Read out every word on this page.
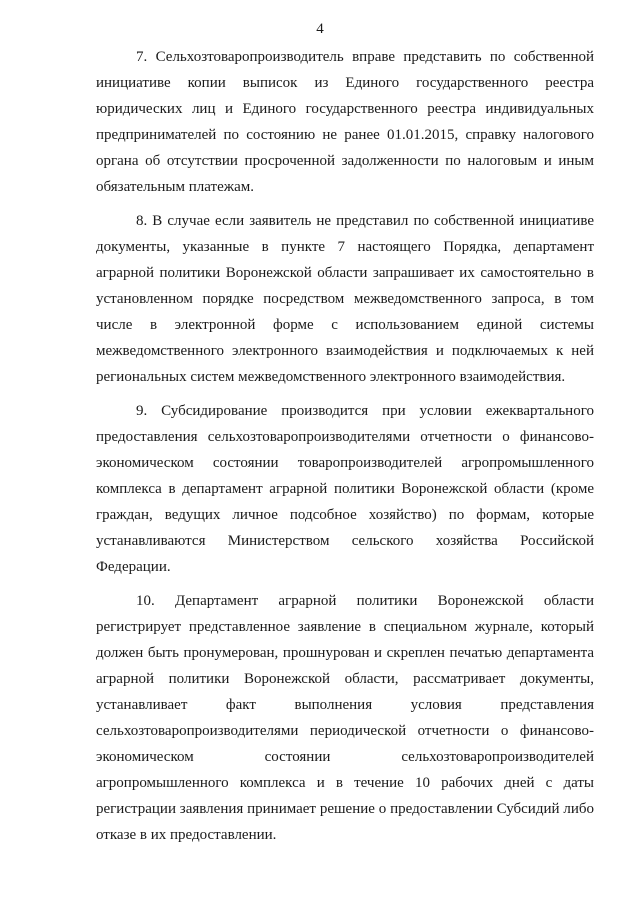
4

7. Сельхозтоваропроизводитель вправе представить по собственной инициативе копии выписок из Единого государственного реестра юридических лиц и Единого государственного реестра индивидуальных предпринимателей по состоянию не ранее 01.01.2015, справку налогового органа об отсутствии просроченной задолженности по налоговым и иным обязательным платежам.

8. В случае если заявитель не представил по собственной инициативе документы, указанные в пункте 7 настоящего Порядка, департамент аграрной политики Воронежской области запрашивает их самостоятельно в установленном порядке посредством межведомственного запроса, в том числе в электронной форме с использованием единой системы межведомственного электронного взаимодействия и подключаемых к ней региональных систем межведомственного электронного взаимодействия.

9. Субсидирование производится при условии ежеквартального предоставления сельхозтоваропроизводителями отчетности о финансово-экономическом состоянии товаропроизводителей агропромышленного комплекса в департамент аграрной политики Воронежской области (кроме граждан, ведущих личное подсобное хозяйство) по формам, которые устанавливаются Министерством сельского хозяйства Российской Федерации.

10. Департамент аграрной политики Воронежской области регистрирует представленное заявление в специальном журнале, который должен быть пронумерован, прошнурован и скреплен печатью департамента аграрной политики Воронежской области, рассматривает документы, устанавливает факт выполнения условия представления сельхозтоваропроизводителями периодической отчетности о финансово-экономическом состоянии сельхозтоваропроизводителей агропромышленного комплекса и в течение 10 рабочих дней с даты регистрации заявления принимает решение о предоставлении Субсидий либо отказе в их предоставлении.
